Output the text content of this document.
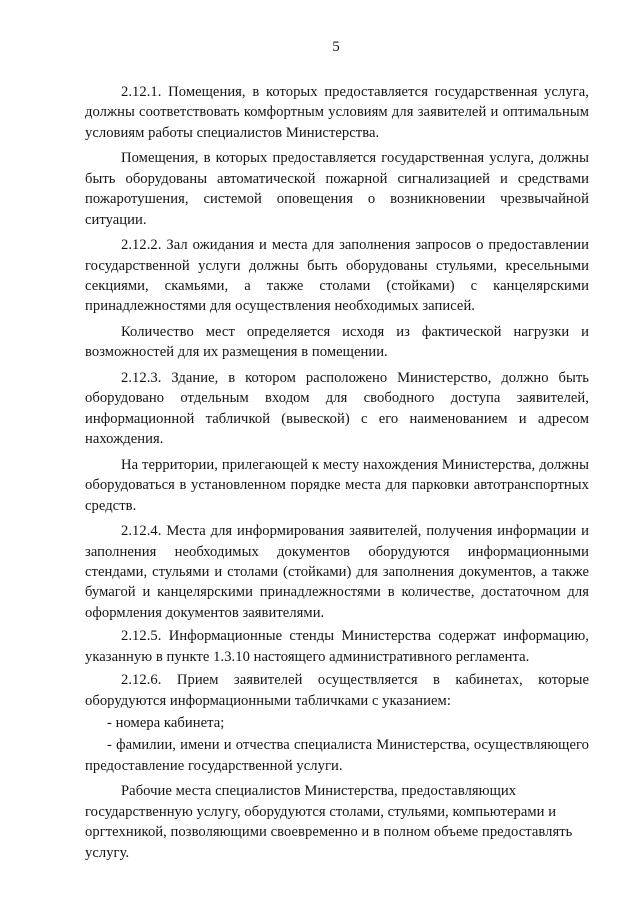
5

2.12.1. Помещения, в которых предоставляется государственная услуга, должны соответствовать комфортным условиям для заявителей и оптимальным условиям работы специалистов Министерства.

Помещения, в которых предоставляется государственная услуга, должны быть оборудованы автоматической пожарной сигнализацией и средствами пожаротушения, системой оповещения о возникновении чрезвычайной ситуации.

2.12.2. Зал ожидания и места для заполнения запросов о предоставлении государственной услуги должны быть оборудованы стульями, кресельными секциями, скамьями, а также столами (стойками) с канцелярскими принадлежностями для осуществления необходимых записей.

Количество мест определяется исходя из фактической нагрузки и возможностей для их размещения в помещении.

2.12.3. Здание, в котором расположено Министерство, должно быть оборудовано отдельным входом для свободного доступа заявителей, информационной табличкой (вывеской) с его наименованием и адресом нахождения.

На территории, прилегающей к месту нахождения Министерства, должны оборудоваться в установленном порядке места для парковки автотранспортных средств.

2.12.4. Места для информирования заявителей, получения информации и заполнения необходимых документов оборудуются информационными стендами, стульями и столами (стойками) для заполнения документов, а также бумагой и канцелярскими принадлежностями в количестве, достаточном для оформления документов заявителями.

2.12.5. Информационные стенды Министерства содержат информацию, указанную в пункте 1.3.10 настоящего административного регламента.

2.12.6. Прием заявителей осуществляется в кабинетах, которые оборудуются информационными табличками с указанием:

- номера кабинета;

- фамилии, имени и отчества специалиста Министерства, осуществляющего предоставление государственной услуги.

Рабочие места специалистов Министерства, предоставляющих государственную услугу, оборудуются столами, стульями, компьютерами и оргтехникой, позволяющими своевременно и в полном объеме предоставлять услугу.
